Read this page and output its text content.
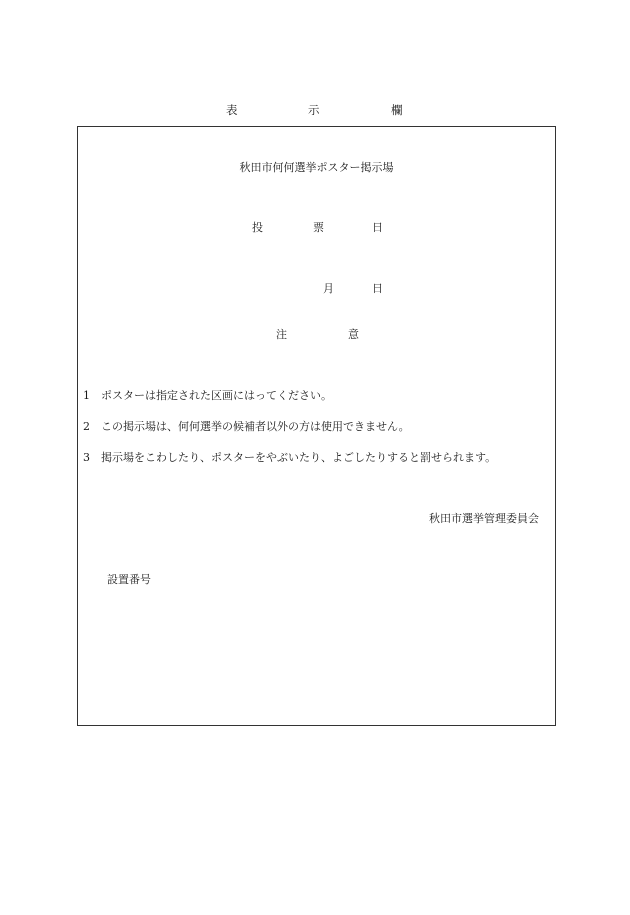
表	示	欄
秋田市何何選挙ポスター掲示場
投	票	日
月	日
注	意
1 ポスターは指定された区画にはってください。
2 この掲示場は、何何選挙の候補者以外の方は使用できません。
3 掲示場をこわしたり、ポスターをやぶいたり、よごしたりすると罰せられます。
秋田市選挙管理委員会
設置番号
